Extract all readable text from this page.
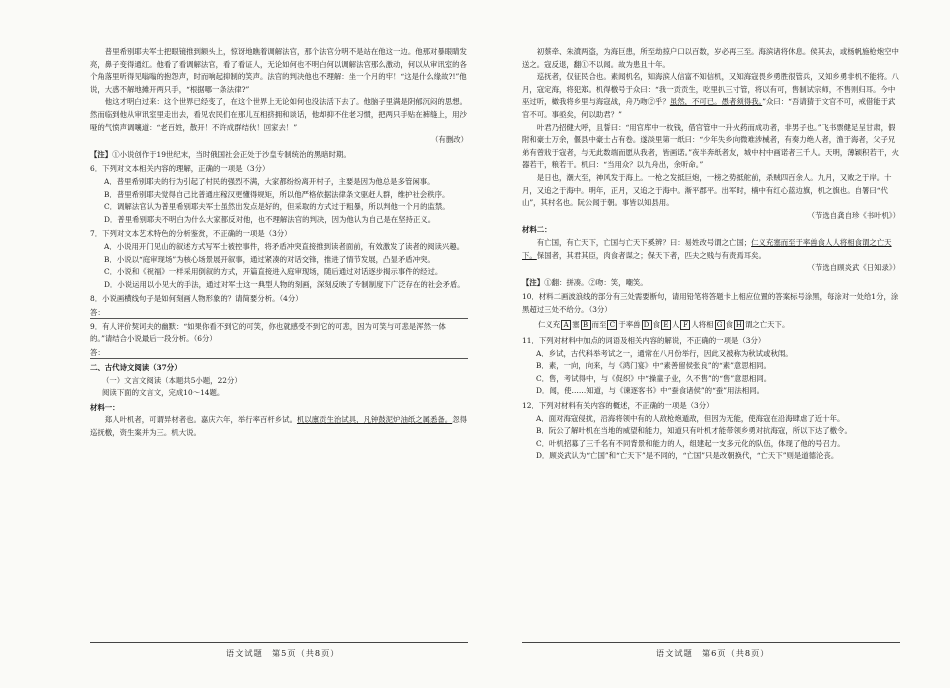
普里希别耶夫军士把眼镜推到额头上，惊讶地瞧着调解法官，那个法官分明不是站在他这一边。他那对暴眼睛发亮，鼻子变得通红。他看了看调解法官，看了看证人，无论如何也不明白何以调解法官那么激动，何以从审讯室的各个角落里听得见嗡嗡的抱怨声，时而响起抑制的笑声。法官的判决他也不理解：坐一个月的牢！“这是什么缘故?!”他说，大惑不解地摊开两只手，“根据哪一条法律?”

他这才明白过来：这个世界已经变了，在这个世界上无论如何也没法活下去了。他脑子里满是阴郁沉闷的思想。然而临到他从审讯室里走出去，看见农民们在那儿互相挤拥和谈话，他却抑不住老习惯，把两只手贴在裤缝上，用沙哑的气愤声调嚷道：“老百姓，散开！不许成群结伙！回家去！”

（有删改）
【注】①小说创作于19世纪末，当时俄国社会正处于沙皇专制统治的黑暗时期。
6．下列对文本相关内容的理解，正确的一项是（3分）
A．普里希别耶夫的行为引起了村民的强烈不满，大家都纷纷离开村子，主要是因为他总是多管闲事。
B．普里希别耶夫觉得自己比普通庄稼汉更懂得规矩，所以他严格依据法律条文驱赶人群，维护社会秩序。
C．调解法官认为普里希别耶夫军士虽然出发点是好的，但采取的方式过于粗暴，所以判他一个月的监禁。
D．普里希别耶夫不明白为什么大家都反对他，也不理解法官的判决，因为他认为自己是在坚持正义。
7．下列对文本艺术特色的分析鉴赏，不正确的一项是（3分）
A．小说用开门见山的叙述方式写军士被控事件，将矛盾冲突直接推到读者面前，有效激发了读者的阅读兴趣。
B．小说以“庭审现场”为核心场景展开叙事，通过紧凑的对话交锋，推进了情节发展，凸显矛盾冲突。
C．小说和《祝福》一样采用倒叙的方式，开篇直接进入庭审现场，随后通过对话逐步揭示事件的经过。
D．小说运用以小见大的手法，通过对军士这一典型人物的刻画，深刻反映了专制制度下广泛存在的社会矛盾。
8．小说画横线句子是如何刻画人物形象的？请简要分析。（4分）
答：
9．有人评价契诃夫的幽默：“如果你看不到它的可笑，你也就感受不到它的可悲，因为可笑与可悲是浑然一体的。”请结合小说最后一段分析。（6分）
答：
二、古代诗文阅读（37分）
（一）文言文阅读（本题共5小题，22分）
阅读下面的文言文，完成10～14题。
材料一：

郑人叶机者，可谓异材者也。嘉庆六年，举行率百杆乡试。机以廪贡生治试具，凡钟鼓泥炉油纸之属悉备。忽得巡抚檄，资生案并为三。机大说。

初蔡牵、朱濆两盗，为海巨患，所至劫掠户口以百数，岁必再三至。海滨诸将休息。侯其去，或杨帆施枪炮空中送之。寇反退，翻①不以闻。故为患且十年。

巡抚者，仅征民合也。素闻机名，知海滨人信富不知信机，又知海寇畏乡勇胜很管兵，又知乡勇非机不能将。八月，寇定海，将犯郑。机得檄号于众曰：“我一贡贡生，吃里扒三寸管，将以有可，售制试宗师，不售则归耳。今中巫过听，橄我将乡里与海寇战，舟乃吻②乎？虽然，不可已。愚者须得我。”众曰：“吾请猜于文官不可，戒借能于武官不可。事亟矣，何以助君？”

叶君乃招健大呼，且誓曰：“用官库中一枚钱，借官管中一升火药而成功者，非男子也。”飞书票健足呈甘肃，假附和豪士万余，偃县中豪士占有卷。遂淡里第一纸曰：“少年失乡向微难涉械者，有奏力绝人者，渔于海者，父子兄弟有曾戕于寇者，与无此数端而愿从我者，皆画诺。”夜半奔纸者友，城中村中画诺者三千人。天明，薄颖积若干，火器若干，粮若干。机曰：“当用众？以九舟出，余听命。”

是日也，潮大至，神风发于海上。一枪之发抵巨炮，一榜之势抵舵前，杀贼四百余人。九月，又败之于岸。十月，又追之于海中。明年，正月，又追之于海中。渐平郡平。出军时，楠中有红心蓝边旗，机之旗也。自署曰“代山”，其村名也。阮公闻于朝。事皆以知县用。

（节选自龚自珍《书叶机》）
材料二：

有亡国，有亡天下，亡国与亡天下奚辨？曰：易姓改号谓之亡国；仁义充塞而至于率兽食人人将相食谓之亡天下。保国者，其君其臣，肉食者谋之；保天下者，匹夫之贱与有责焉耳矣。

（节选自顾炎武《日知录》）
【注】①翻：拼凑。②吻：笑，嘲笑。
10．材料二画波浪线的部分有三处需要断句，请用铅笔将答题卡上相应位置的答案标号涂黑，每涂对一处给1分，涂黑超过三处不给分。（3分）
仁义充 A 塞 B 而至 C 于率兽 D 食 E 人 F 人将相 G 食 H 谓之亡天下。
11．下列对材料中加点的词语及相关内容的解说，不正确的一项是（3分）
A．乡试，古代科举考试之一，通常在八月份举行，因此又被称为秋试或秋闱。
B．素，一向，向来，与《鸿门宴》中“素善留侯张良”的“素”意思相同。
C．售，考试得中，与《促织》中“操童子业，久不售”的“售”意思相同。
D．闻，使……知道，与《谏逐客书》中“蚕食诸侯”的“蚕”用法相同。
12．下列对材料有关内容的概述，不正确的一项是（3分）
A．面对海寇侵扰，沿海将领中有的人敌枪炮遁敌，但因为无能，使海寇在沿海肆虐了近十年。
B．阮公了解叶机在当地的威望和能力，知道只有叶机才能带领乡勇对抗海寇，所以下达了檄令。
C．叶机招募了三千名有不同背景和能力的人，组建起一支多元化的队伍，体现了他的号召力。
D．顾炎武认为“亡国”和“亡天下”是不同的，“亡国”只是改朝换代，“亡天下”则是道德沦丧。
语文试题　第5页（共8页）	语文试题　第6页（共8页）
